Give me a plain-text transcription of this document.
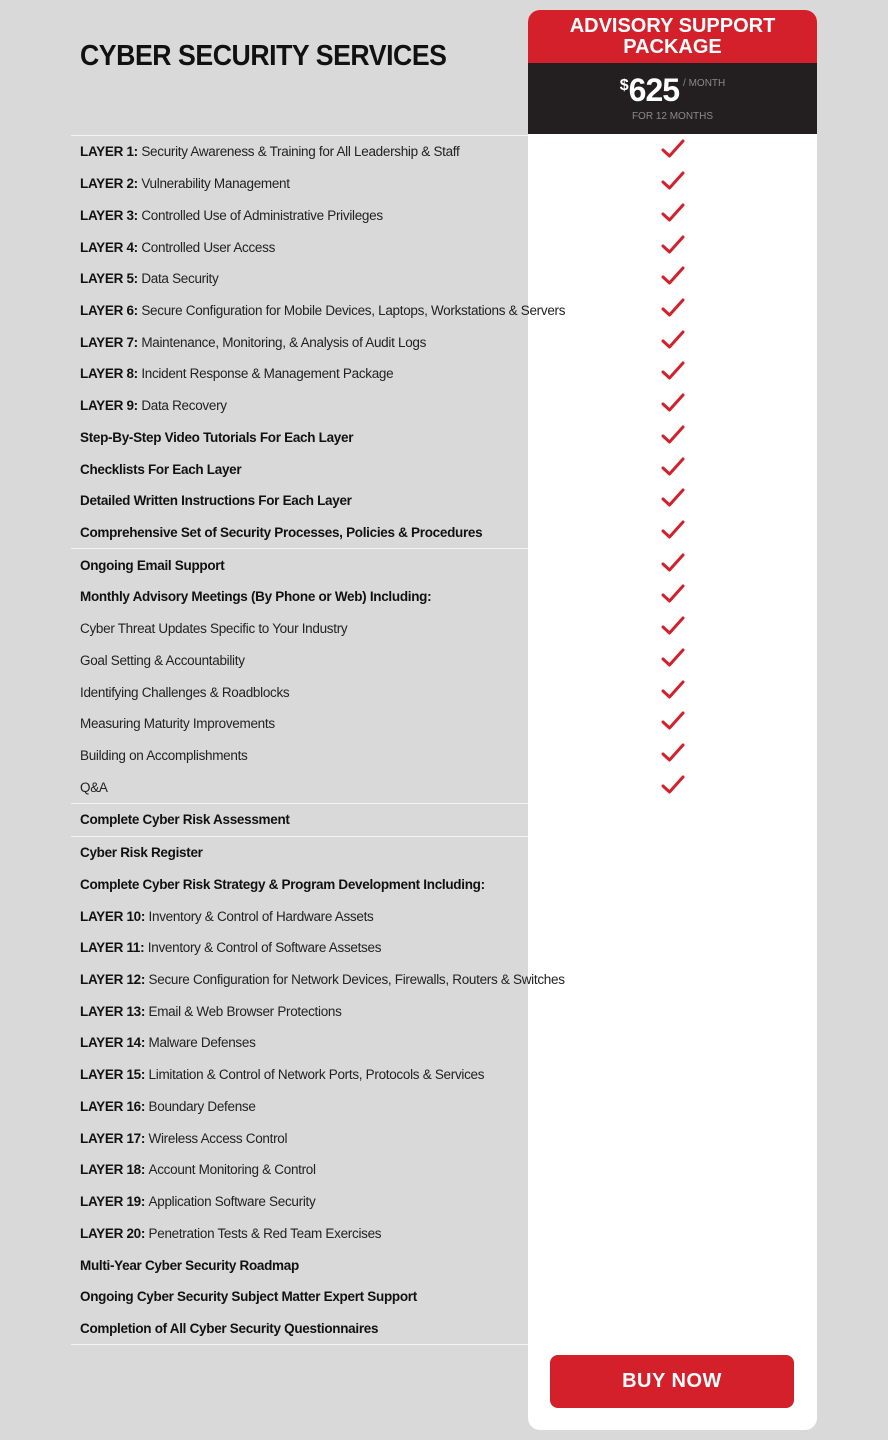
CYBER SECURITY SERVICES
ADVISORY SUPPORT
PACKAGE
$ 625 / MONTH
FOR 12 MONTHS
LAYER 1:
Security Awareness & Training for All Leadership & Staff
LAYER 2:
Vulnerability Management
LAYER 3:
Controlled Use of Administrative Privileges
LAYER 4:
Controlled User Access
LAYER 5:
Data Security
LAYER 6:
Secure Configuration for Mobile Devices, Laptops, Workstations & Servers
LAYER 7:
Maintenance, Monitoring, & Analysis of Audit Logs
LAYER 8:
Incident Response & Management Package
LAYER 9:
Data Recovery
Step-By-Step Video Tutorials For Each Layer
Checklists For Each Layer
Detailed Written Instructions For Each Layer
Comprehensive Set of Security Processes, Policies & Procedures
Ongoing Email Support
Monthly Advisory Meetings (By Phone or Web) Including:
Cyber Threat Updates Specific to Your Industry
Goal Setting & Accountability
Identifying Challenges & Roadblocks
Measuring Maturity Improvements
Building on Accomplishments
Q&A
Complete Cyber Risk Assessment
Cyber Risk Register
Complete Cyber Risk Strategy & Program Development Including:
LAYER 10:
Inventory & Control of Hardware Assets
LAYER 11:
Inventory & Control of Software Assetses
LAYER 12:
Secure Configuration for Network Devices, Firewalls, Routers & Switches
LAYER 13:
Email & Web Browser Protections
LAYER 14:
Malware Defenses
LAYER 15:
Limitation & Control of Network Ports, Protocols & Services
LAYER 16:
Boundary Defense
LAYER 17:
Wireless Access Control
LAYER 18:
Account Monitoring & Control
LAYER 19:
Application Software Security
LAYER 20:
Penetration Tests & Red Team Exercises
Multi-Year Cyber Security Roadmap
Ongoing Cyber Security Subject Matter Expert Support
Completion of All Cyber Security Questionnaires
BUY NOW
